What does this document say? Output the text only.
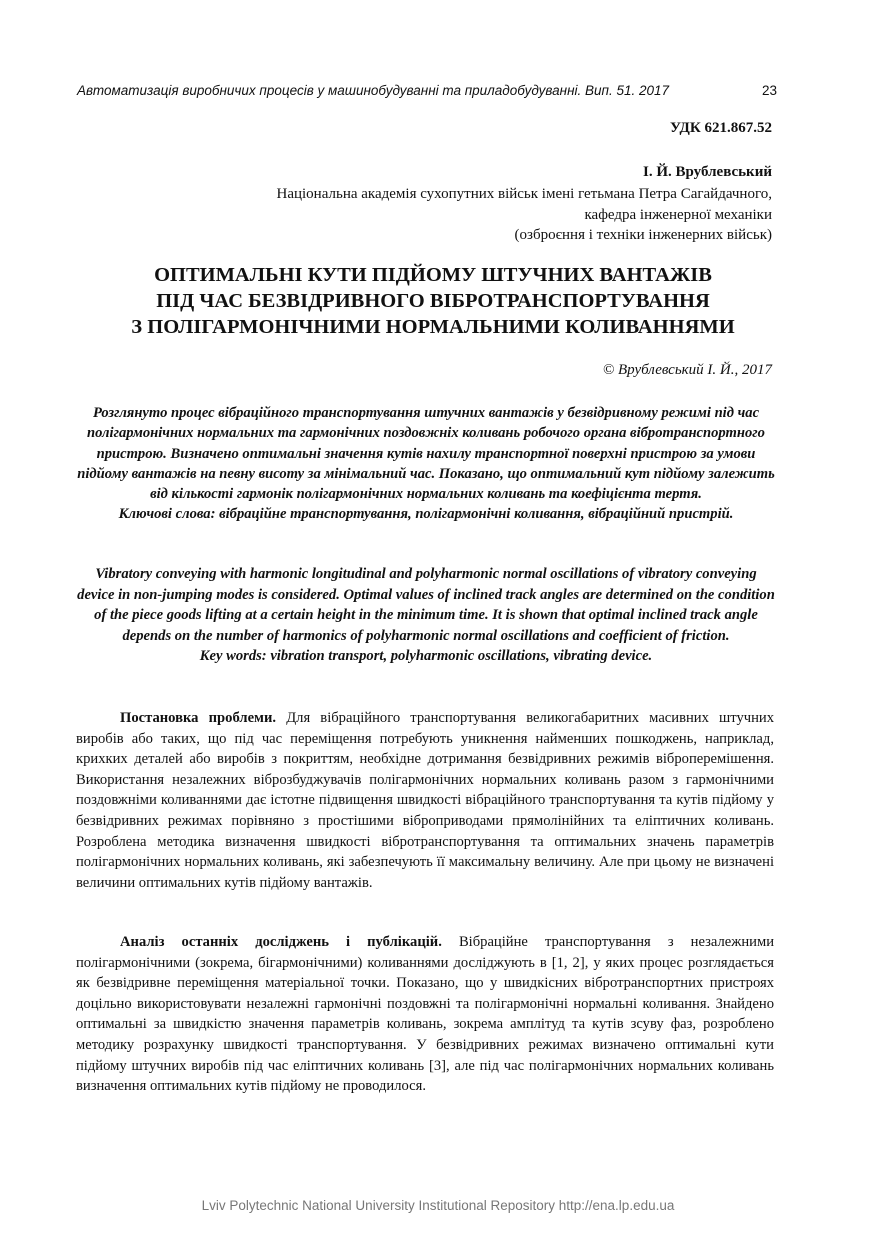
Автоматизація виробничих процесів у машинобудуванні та приладобудуванні. Вип. 51. 2017	23
УДК 621.867.52
І. Й. Врублевський
Національна академія сухопутних військ імені гетьмана Петра Сагайдачного,
кафедра інженерної механіки
(озброєння і техніки інженерних військ)
ОПТИМАЛЬНІ КУТИ ПІДЙОМУ ШТУЧНИХ ВАНТАЖІВ
ПІД ЧАС БЕЗВІДРИВНОГО ВІБРОТРАНСПОРТУВАННЯ
З ПОЛІГАРМОНІЧНИМИ НОРМАЛЬНИМИ КОЛИВАННЯМИ
© Врублевський І. Й., 2017
Розглянуто процес вібраційного транспортування штучних вантажів у безвідривному режимі під час полігармонічних нормальних та гармонічних поздовжніх коливань робочого органа вібротранспортного пристрою. Визначено оптимальні значення кутів нахилу транспортної поверхні пристрою за умови підйому вантажів на певну висоту за мінімальний час. Показано, що оптимальний кут підйому залежить від кількості гармонік полігармонічних нормальних коливань та коефіцієнта тертя.
Ключові слова: вібраційне транспортування, полігармонічні коливання, вібраційний пристрій.
Vibratory conveying with harmonic longitudinal and polyharmonic normal oscillations of vibratory conveying device in non-jumping modes is considered. Optimal values of inclined track angles are determined on the condition of the piece goods lifting at a certain height in the minimum time. It is shown that optimal inclined track angle depends on the number of harmonics of polyharmonic normal oscillations and coefficient of friction.
Key words: vibration transport, polyharmonic oscillations, vibrating device.
Постановка проблеми. Для вібраційного транспортування великогабаритних масивних штучних виробів або таких, що під час переміщення потребують уникнення найменших пошкоджень, наприклад, крихких деталей або виробів з покриттям, необхідне дотримання безвідривних режимів віброперемішення. Використання незалежних вібрoзбуджувачів полігармонічних нормальних коливань разом з гармонічними поздовжніми коливаннями дає істотне підвищення швидкості вібраційного транспортування та кутів підйому у безвідривних режимах порівняно з простішими віброприводами прямолінійних та еліптичних коливань. Розроблена методика визначення швидкості вібротранспортування та оптимальних значень параметрів полігармонічних нормальних коливань, які забезпечують її максимальну величину. Але при цьому не визначені величини оптимальних кутів підйому вантажів.
Аналіз останніх досліджень і публікацій. Вібраційне транспортування з незалежними полігармонічними (зокрема, бігармонічними) коливаннями досліджують в [1, 2], у яких процес розглядається як безвідривне переміщення матеріальної точки. Показано, що у швидкісних вібротранспортних пристроях доцільно використовувати незалежні гармонічні поздовжні та полігармонічні нормальні коливання. Знайдено оптимальні за швидкістю значення параметрів коливань, зокрема амплітуд та кутів зсуву фаз, розроблено методику розрахунку швидкості транспортування. У безвідривних режимах визначено оптимальні кути підйому штучних виробів під час еліптичних коливань [3], але під час полігармонічних нормальних коливань визначення оптимальних кутів підйому не проводилося.
Lviv Polytechnic National University Institutional Repository http://ena.lp.edu.ua
